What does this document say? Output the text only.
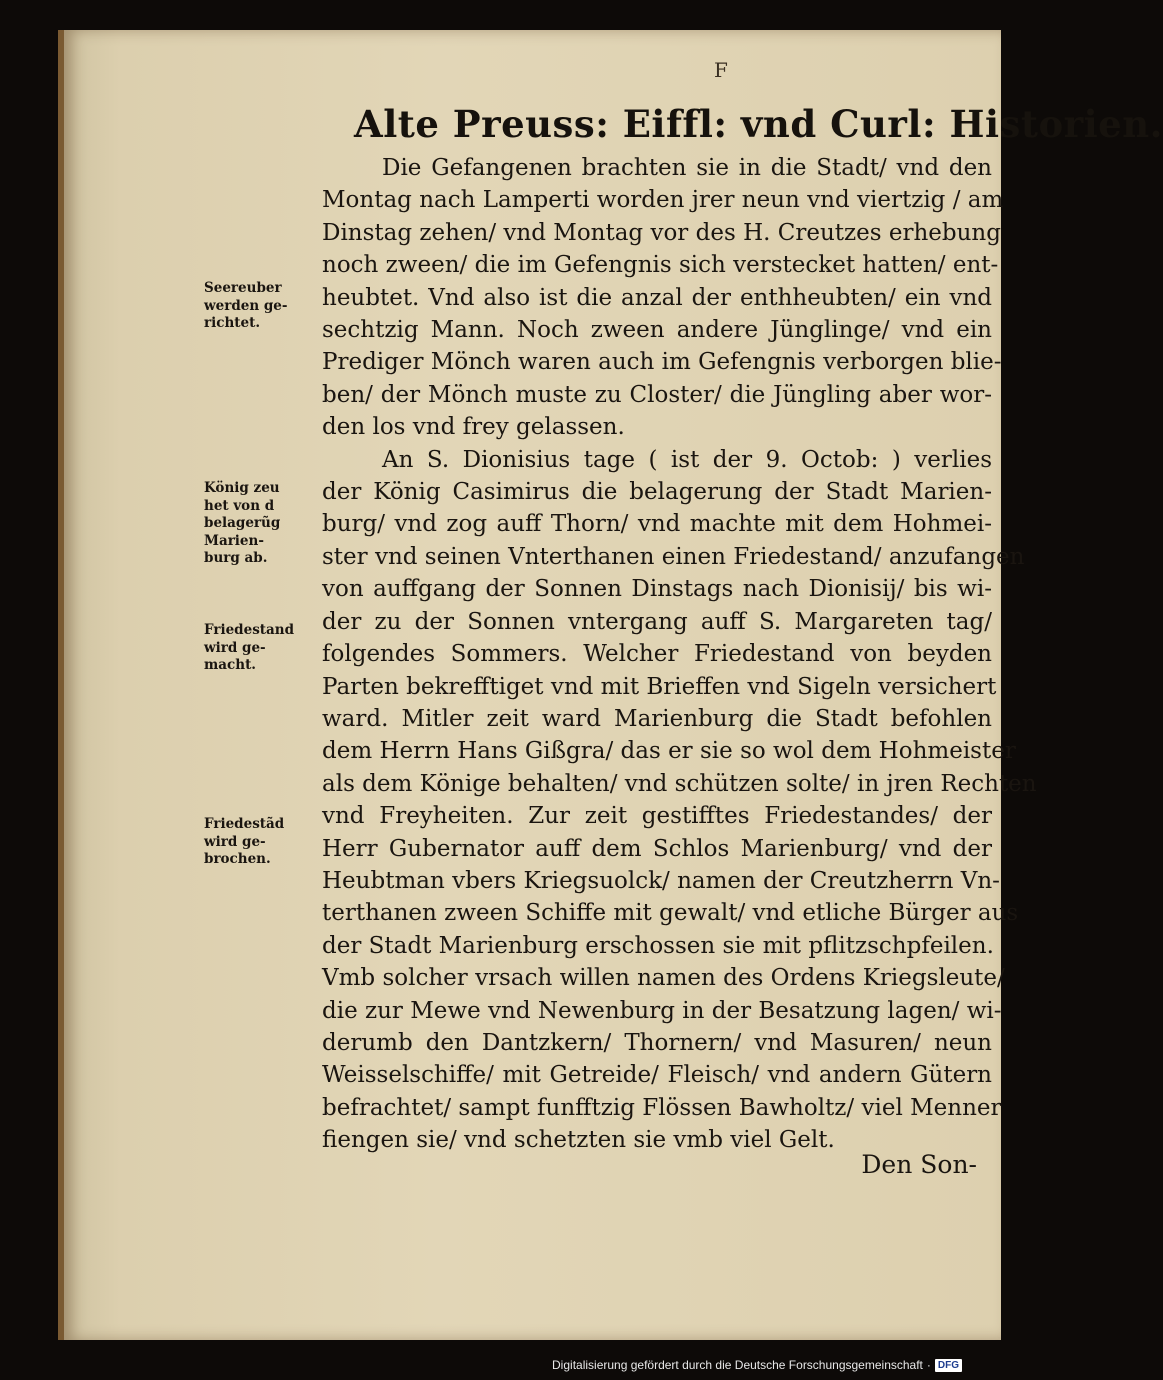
F
Alte Preuss: Eiffl: vnd Curl: Historien.
Die Gefangenen brachten sie in die Stadt/ vnd den
Montag nach Lamperti worden jrer neun vnd viertzig / am
Dinstag zehen/ vnd Montag vor des H. Creutzes erhebung
noch zween/ die im Gefengnis sich verstecket hatten/ ent-
heubtet. Vnd also ist die anzal der enthheubten/ ein vnd
sechtzig Mann. Noch zween andere Jünglinge/ vnd ein
Prediger Mönch waren auch im Gefengnis verborgen blie-
ben/ der Mönch muste zu Closter/ die Jüngling aber wor-
den los vnd frey gelassen.
An S. Dionisius tage ( ist der 9. Octob: ) verlies
der König Casimirus die belagerung der Stadt Marien-
burg/ vnd zog auff Thorn/ vnd machte mit dem Hohmei-
ster vnd seinen Vnterthanen einen Friedestand/ anzufangen
von auffgang der Sonnen Dinstags nach Dionisij/ bis wi-
der zu der Sonnen vntergang auff S. Margareten tag/
folgendes Sommers. Welcher Friedestand von beyden
Parten bekrefftiget vnd mit Brieffen vnd Sigeln versichert
ward. Mitler zeit ward Marienburg die Stadt befohlen
dem Herrn Hans Gißgra/ das er sie so wol dem Hohmeister
als dem Könige behalten/ vnd schützen solte/ in jren Rechten
vnd Freyheiten. Zur zeit gestifftes Friedestandes/ der
Herr Gubernator auff dem Schlos Marienburg/ vnd der
Heubtman vbers Kriegsuolck/ namen der Creutzherrn Vn-
terthanen zween Schiffe mit gewalt/ vnd etliche Bürger aus
der Stadt Marienburg erschossen sie mit pflitzschpfeilen.
Vmb solcher vrsach willen namen des Ordens Kriegsleute/
die zur Mewe vnd Newenburg in der Besatzung lagen/ wi-
derumb den Dantzkern/ Thornern/ vnd Masuren/ neun
Weisselschiffe/ mit Getreide/ Fleisch/ vnd andern Gütern
befrachtet/ sampt funfftzig Flössen Bawholtz/ viel Menner
fiengen sie/ vnd schetzten sie vmb viel Gelt.
Seereuber
werden ge-
richtet.
König zeu
het von d
belagerũg
Marien-
burg ab.
Friedestand
wird ge-
macht.
Friedestãd
wird ge-
brochen.
Den Son-
Digitalisierung gefördert durch die Deutsche Forschungsgemeinschaft · DFG
